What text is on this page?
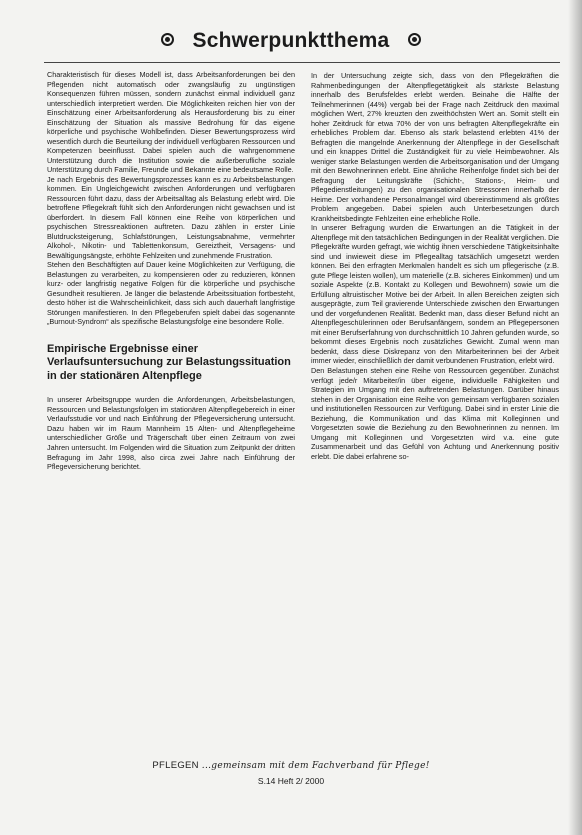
Schwerpunktthema

Charakteristisch für dieses Modell ist, dass Arbeitsanforderungen bei den Pflegenden nicht automatisch oder zwangsläufig zu ungünstigen Konsequenzen führen müssen, sondern zunächst einmal individuell ganz unterschiedlich interpretiert werden. Die Möglichkeiten reichen hier von der Einschätzung einer Arbeitsanforderung als Herausforderung bis zu einer Einschätzung der Situation als massive Bedrohung für das eigene körperliche und psychische Wohlbefinden. Dieser Bewertungsprozess wird wesentlich durch die Beurteilung der individuell verfügbaren Ressourcen und Kompetenzen beeinflusst. Dabei spielen auch die wahrgenommene Unterstützung durch die Institution sowie die außerberufliche soziale Unterstützung durch Familie, Freunde und Bekannte eine bedeutsame Rolle.

Je nach Ergebnis des Bewertungsprozesses kann es zu Arbeitsbelastungen kommen. Ein Ungleichgewicht zwischen Anforderungen und verfügbaren Ressourcen führt dazu, dass der Arbeitsalltag als Belastung erlebt wird. Die betroffene Pflegekraft fühlt sich den Anforderungen nicht gewachsen und ist überfordert. In diesem Fall können eine Reihe von körperlichen und psychischen Stressreaktionen auftreten. Dazu zählen in erster Linie Blutdrucksteigerung, Schlafstörungen, Leistungsabnahme, vermehrter Alkohol-, Nikotin- und Tablettenkonsum, Gereiztheit, Versagens- und Bewältigungsängste, erhöhte Fehlzeiten und zunehmende Frustration.

Stehen den Beschäftigten auf Dauer keine Möglichkeiten zur Verfügung, die Belastungen zu verarbeiten, zu kompensieren oder zu reduzieren, können kurz- oder langfristig negative Folgen für die körperliche und psychische Gesundheit resultieren. Je länger die belastende Arbeitssituation fortbesteht, desto höher ist die Wahrscheinlichkeit, dass sich auch dauerhaft langfristige Störungen manifestieren. In den Pflegeberufen spielt dabei das sogenannte „Burnout-Syndrom“ als spezifische Belastungsfolge eine besondere Rolle.

Empirische Ergebnisse einer Verlaufsuntersuchung zur Belastungssituation in der stationären Altenpflege

In unserer Arbeitsgruppe wurden die Anforderungen, Arbeitsbelastungen, Ressourcen und Belastungsfolgen im stationären Altenpflegebereich in einer Verlaufsstudie vor und nach Einführung der Pflegeversicherung untersucht. Dazu haben wir im Raum Mannheim 15 Alten- und Altenpflegeheime unterschiedlicher Größe und Trägerschaft über einen Zeitraum von zwei Jahren untersucht. Im Folgenden wird die Situation zum Zeitpunkt der dritten Befragung im Jahr 1998, also circa zwei Jahre nach Einführung der Pflegeversicherung berichtet.

In der Untersuchung zeigte sich, dass von den Pflegekräften die Rahmenbedingungen der Altenpflegetätigkeit als stärkste Belastung innerhalb des Berufsfeldes erlebt werden. Beinahe die Hälfte der Teilnehmerinnen (44%) vergab bei der Frage nach Zeitdruck den maximal möglichen Wert, 27% kreuzten den zweithöchsten Wert an. Somit stellt ein hoher Zeitdruck für etwa 70% der von uns befragten Altenpflegekräfte ein erhebliches Problem dar. Ebenso als stark belastend erlebten 41% der Befragten die mangelnde Anerkennung der Altenpflege in der Gesellschaft und ein knappes Drittel die Zuständigkeit für zu viele Heimbewohner. Als weniger starke Belastungen werden die Arbeitsorganisation und der Umgang mit den Bewohnerinnen erlebt. Eine ähnliche Reihenfolge findet sich bei der Befragung der Leitungskräfte (Schicht-, Stations-, Heim- und Pflegedienstleitungen) zu den organisationalen Stressoren innerhalb der Heime. Der vorhandene Personalmangel wird übereinstimmend als größtes Problem angegeben. Dabei spielen auch Unterbesetzungen durch Krankheitsbedingte Fehlzeiten eine erhebliche Rolle.

In unserer Befragung wurden die Erwartungen an die Tätigkeit in der Altenpflege mit den tatsächlichen Bedingungen in der Realität verglichen. Die Pflegekräfte wurden gefragt, wie wichtig ihnen verschiedene Tätigkeitsinhalte sind und inwieweit diese im Pflegealltag tatsächlich umgesetzt werden können. Bei den erfragten Merkmalen handelt es sich um pflegerische (z.B. gute Pflege leisten wollen), um materielle (z.B. sicheres Einkommen) und um soziale Aspekte (z.B. Kontakt zu Kollegen und Bewohnern) sowie um die Erfüllung altruistischer Motive bei der Arbeit. In allen Bereichen zeigten sich ausgeprägte, zum Teil gravierende Unterschiede zwischen den Erwartungen und der vorgefundenen Realität. Bedenkt man, dass dieser Befund nicht an Altenpflegeschülerinnen oder Berufsanfängern, sondern an Pflegepersonen mit einer Berufserfahrung von durchschnittlich 10 Jahren gefunden wurde, so bekommt dieses Ergebnis noch zusätzliches Gewicht. Zumal wenn man bedenkt, dass diese Diskrepanz von den Mitarbeiterinnen bei der Arbeit immer wieder, einschließlich der damit verbundenen Frustration, erlebt wird.

Den Belastungen stehen eine Reihe von Ressourcen gegenüber. Zunächst verfügt jede/r Mitarbeiter/in über eigene, individuelle Fähigkeiten und Strategien im Umgang mit den auftretenden Belastungen. Darüber hinaus stehen in der Organisation eine Reihe von gemeinsam verfügbaren sozialen und institutionellen Ressourcen zur Verfügung. Dabei sind in erster Linie die Beziehung, die Kommunikation und das Klima mit Kolleginnen und Vorgesetzten sowie die Beziehung zu den Bewohnerinnen zu nennen. Im Umgang mit Kolleginnen und Vorgesetzten wird v.a. eine gute Zusammenarbeit und das Gefühl von Achtung und Anerkennung positiv erlebt. Die dabei erfahrene so-

PFLEGEN ...gemeinsam mit dem Fachverband für Pflege!
S.14 Heft 2/ 2000
